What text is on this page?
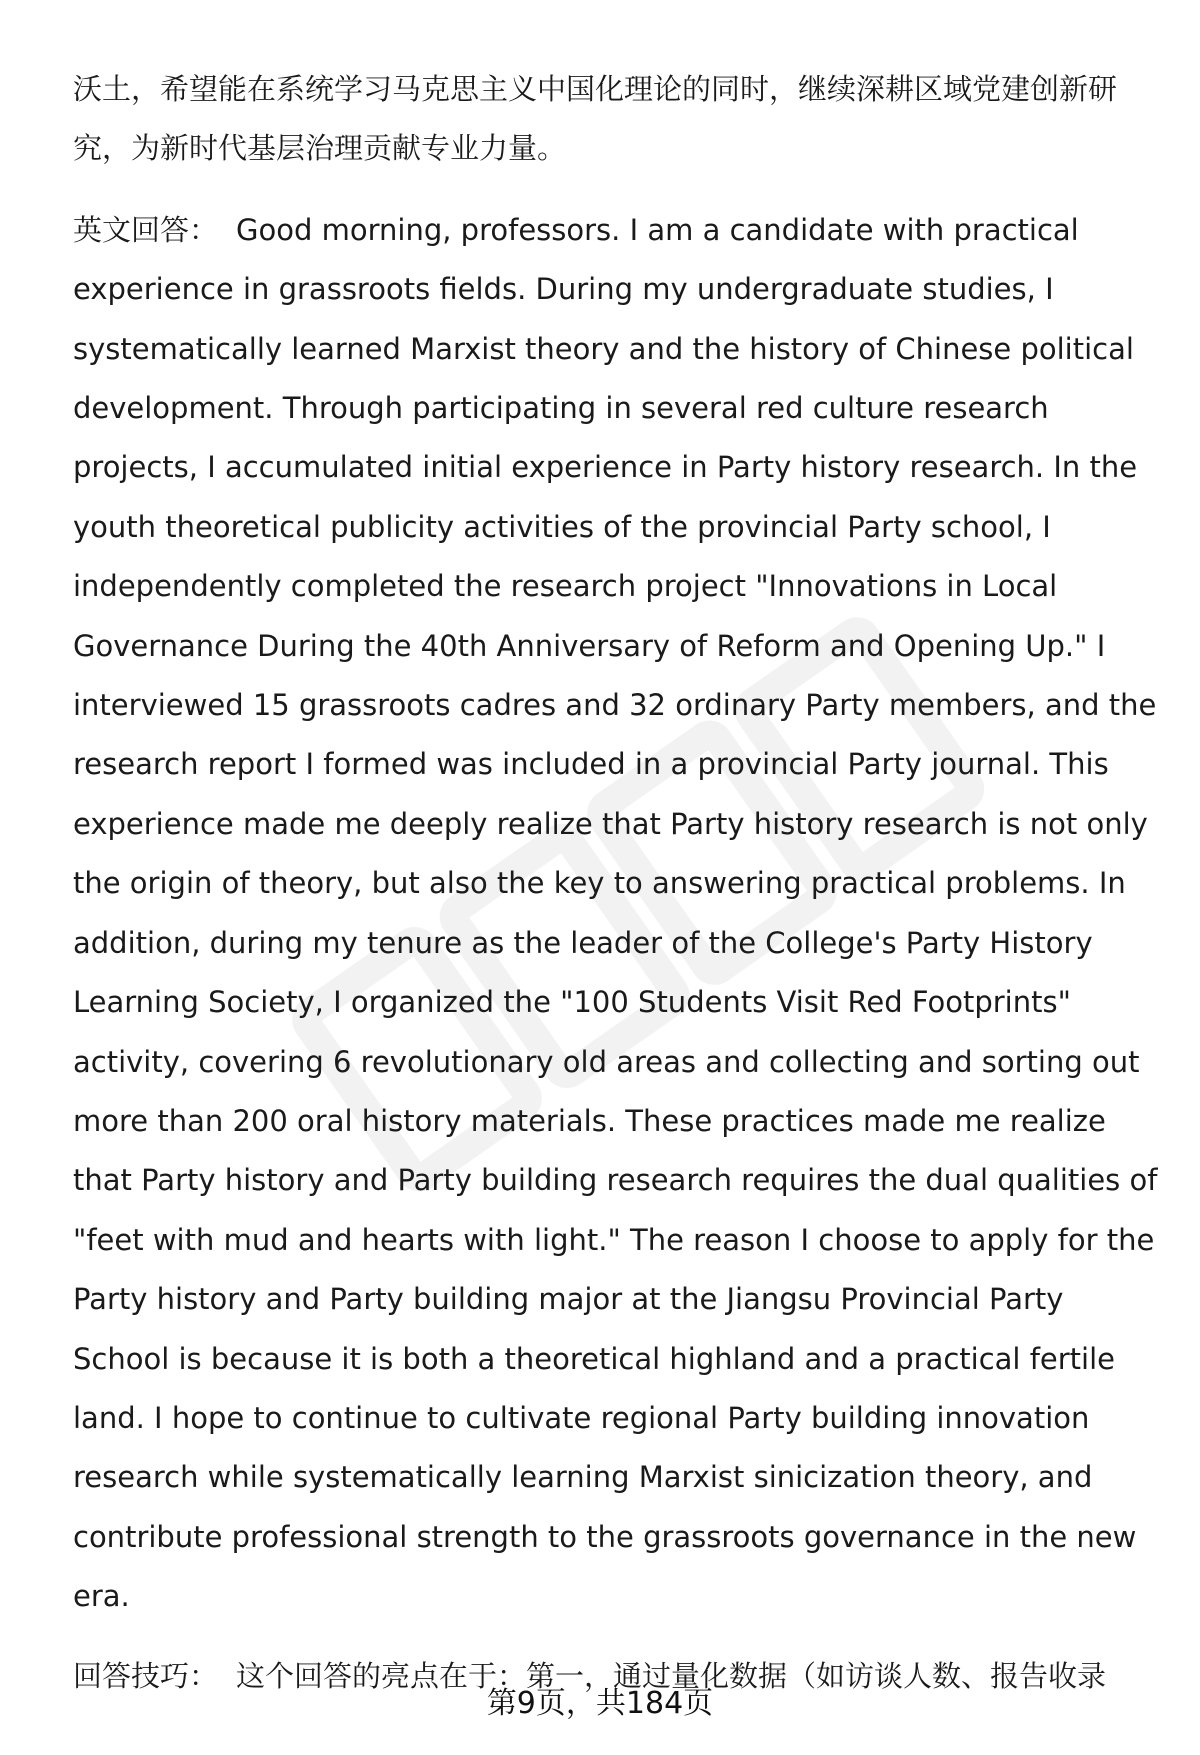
沃土，希望能在系统学习马克思主义中国化理论的同时，继续深耕区域党建创新研究，为新时代基层治理贡献专业力量。

英文回答： Good morning, professors. I am a candidate with practical experience in grassroots fields. During my undergraduate studies, I systematically learned Marxist theory and the history of Chinese political development. Through participating in several red culture research projects, I accumulated initial experience in Party history research. In the youth theoretical publicity activities of the provincial Party school, I independently completed the research project "Innovations in Local Governance During the 40th Anniversary of Reform and Opening Up." I interviewed 15 grassroots cadres and 32 ordinary Party members, and the research report I formed was included in a provincial Party journal. This experience made me deeply realize that Party history research is not only the origin of theory, but also the key to answering practical problems. In addition, during my tenure as the leader of the College's Party History Learning Society, I organized the "100 Students Visit Red Footprints" activity, covering 6 revolutionary old areas and collecting and sorting out more than 200 oral history materials. These practices made me realize that Party history and Party building research requires the dual qualities of "feet with mud and hearts with light." The reason I choose to apply for the Party history and Party building major at the Jiangsu Provincial Party School is because it is both a theoretical highland and a practical fertile land. I hope to continue to cultivate regional Party building innovation research while systematically learning Marxist sinicization theory, and contribute professional strength to the grassroots governance in the new era.

回答技巧： 这个回答的亮点在于：第一，通过量化数据（如访谈人数、报告收录

第9页，共184页
